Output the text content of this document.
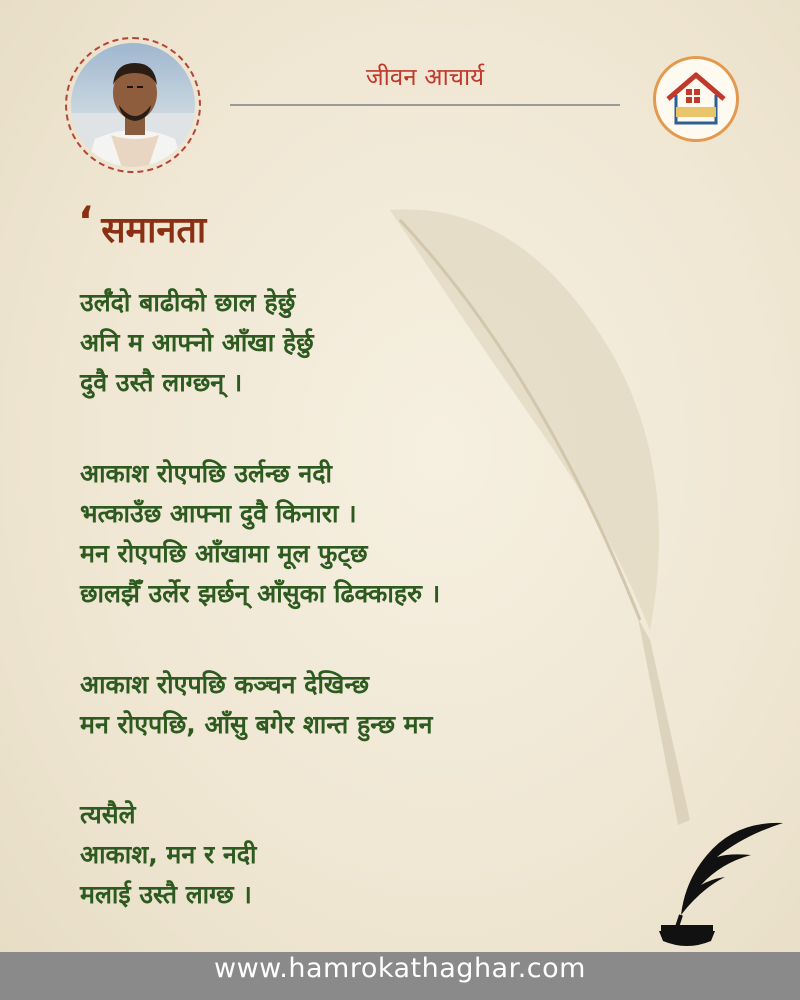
जीवन आचार्य
‘ समानता
उर्लँदो बाढीको छाल हेर्छु
अनि म आफ्नो आँखा हेर्छु
दुवै उस्तै लाग्छन् ।
आकाश रोएपछि उर्लन्छ नदी
भत्काउँछ आफ्ना दुवै किनारा ।
मन रोएपछि आँखामा मूल फुट्छ
छालझैँ उर्लेर झर्छन् आँसुका ढिक्काहरु ।
आकाश रोएपछि कञ्चन देखिन्छ
मन रोएपछि, आँसु बगेर शान्त हुन्छ मन
त्यसैले
आकाश, मन र नदी
मलाई उस्तै लाग्छ ।
www.hamrokathaghar.com
